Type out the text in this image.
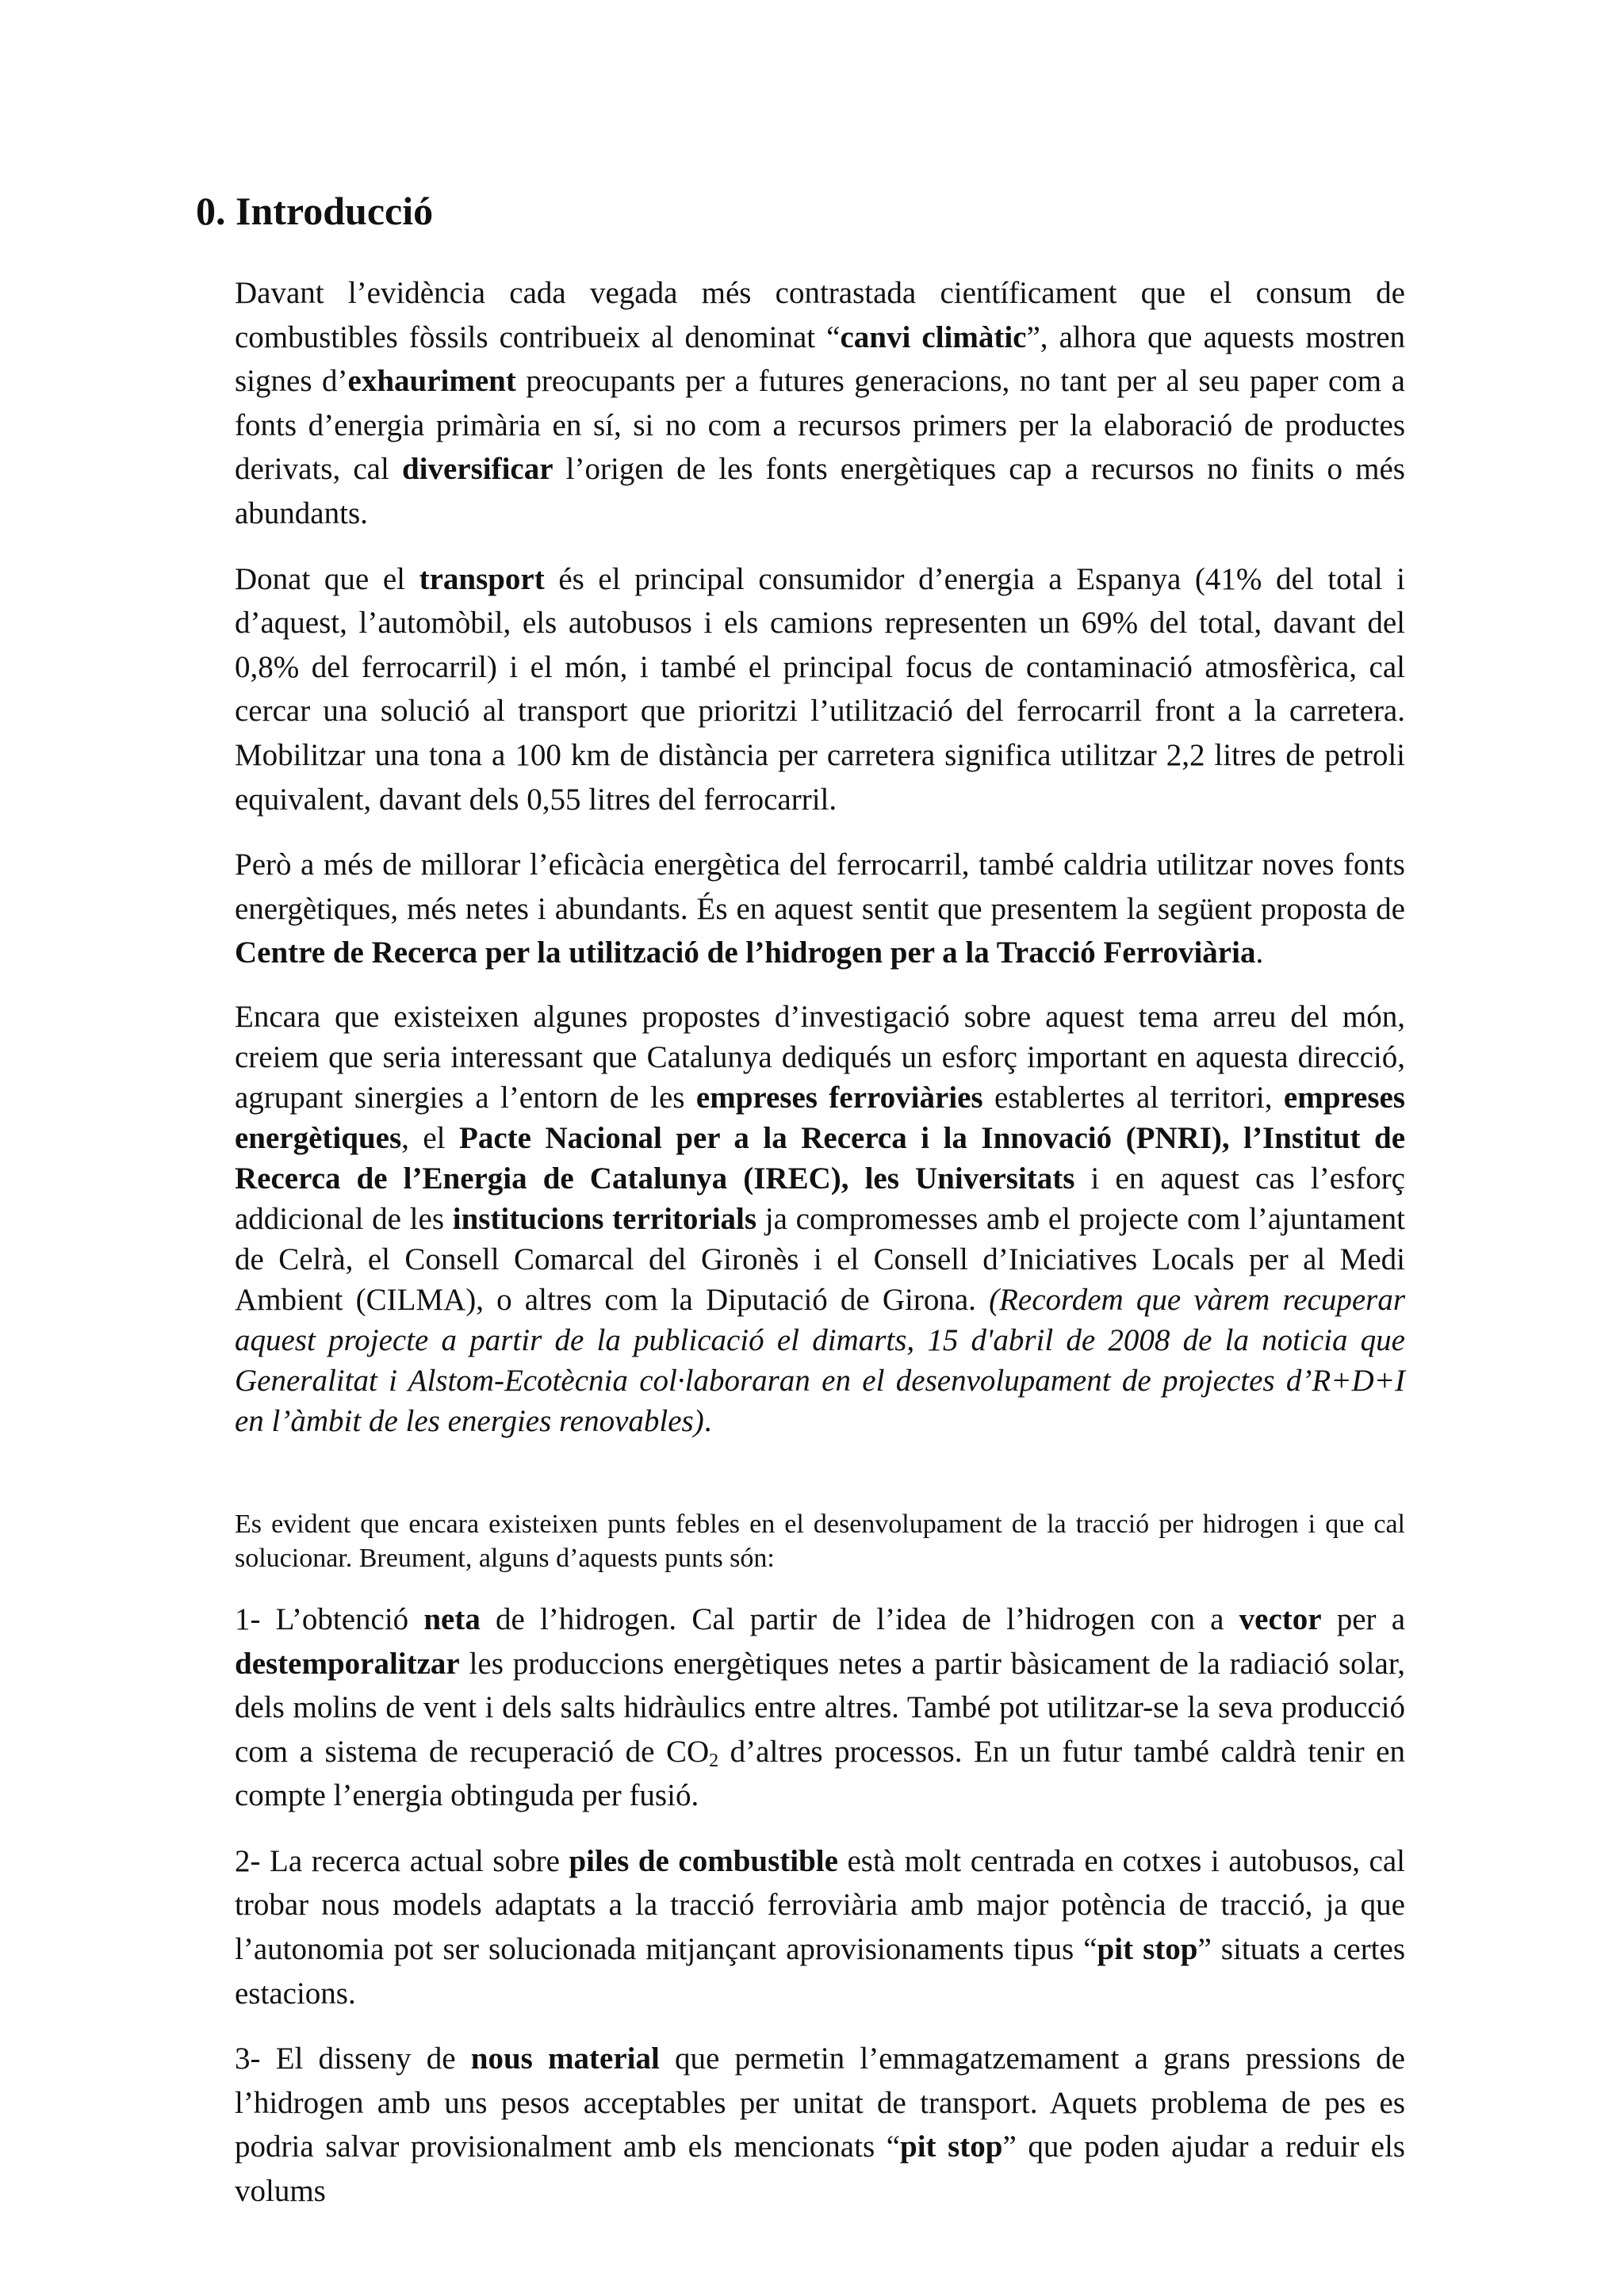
0. Introducció

Davant l’evidència cada vegada més contrastada científicament que el consum de combustibles fòssils contribueix al denominat “canvi climàtic”, alhora que aquests mostren signes d’exhauriment preocupants per a futures generacions, no tant per al seu paper com a fonts d’energia primària en sí, si no com a recursos primers per la elaboració de productes derivats, cal diversificar l’origen de les fonts energètiques cap a recursos no finits o més abundants.

Donat que el transport és el principal consumidor d’energia a Espanya (41% del total i d’aquest, l’automòbil, els autobusos i els camions representen un 69% del total, davant del 0,8% del ferrocarril) i el món, i també el principal focus de contaminació atmosfèrica, cal cercar una solució al transport que prioritzi l’utilització del ferrocarril front a la carretera. Mobilitzar una tona a 100 km de distància per carretera significa utilitzar 2,2 litres de petroli equivalent, davant dels 0,55 litres del ferrocarril.

Però a més de millorar l’eficàcia energètica del ferrocarril, també caldria utilitzar noves fonts energètiques, més netes i abundants. És en aquest sentit que presentem la següent proposta de Centre de Recerca per la utilització de l’hidrogen per a la Tracció Ferroviària.

Encara que existeixen algunes propostes d’investigació sobre aquest tema arreu del món, creiem que seria interessant que Catalunya dediqués un esforç important en aquesta direcció, agrupant sinergies a l’entorn de les empreses ferroviàries establertes al territori, empreses energètiques, el Pacte Nacional per a la Recerca i la Innovació (PNRI), l’Institut de Recerca de l’Energia de Catalunya (IREC), les Universitats i en aquest cas l’esforç addicional de les institucions territorials ja compromesses amb el projecte com l’ajuntament de Celrà, el Consell Comarcal del Gironès i el Consell d’Iniciatives Locals per al Medi Ambient (CILMA), o altres com la Diputació de Girona. (Recordem que vàrem recuperar aquest projecte a partir de la publicació el dimarts, 15 d'abril de 2008 de la noticia que Generalitat i Alstom-Ecotècnia col·laboraran en el desenvolupament de projectes d’R+D+I en l’àmbit de les energies renovables).

Es evident que encara existeixen punts febles en el desenvolupament de la tracció per hidrogen i que cal solucionar. Breument, alguns d’aquests punts són:

1- L’obtenció neta de l’hidrogen. Cal partir de l’idea de l’hidrogen con a vector per a destemporalitzar les produccions energètiques netes a partir bàsicament de la radiació solar, dels molins de vent i dels salts hidràulics entre altres. També pot utilitzar-se la seva producció com a sistema de recuperació de $CO_2$ d’altres processos. En un futur també caldrà tenir en compte l’energia obtinguda per fusió.

2- La recerca actual sobre piles de combustible està molt centrada en cotxes i autobusos, cal trobar nous models adaptats a la tracció ferroviària amb major potència de tracció, ja que l’autonomia pot ser solucionada mitjançant aprovisionaments tipus “pit stop” situats a certes estacions.

3- El disseny de nous material que permetin l’emmagatzemament a grans pressions de l’hidrogen amb uns pesos acceptables per unitat de transport. Aquets problema de pes es podria salvar provisionalment amb els mencionats “pit stop” que poden ajudar a reduir els volums
